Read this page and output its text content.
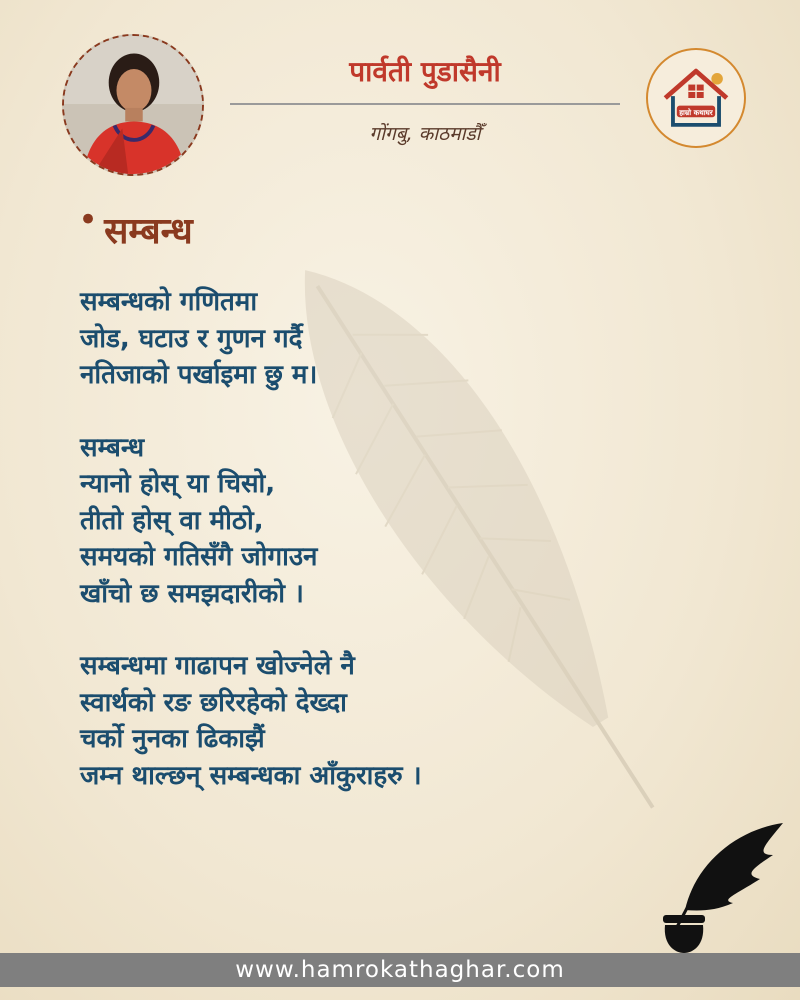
पार्वती पुडासैनी
गोंगबु, काठमाडौँ
हाम्रो कथाघर
• सम्बन्ध
सम्बन्धको गणितमा
जोड, घटाउ र गुणन गर्दै
नतिजाको पर्खाइमा छु म।
सम्बन्ध
न्यानो होस् या चिसो,
तीतो होस् वा मीठो,
समयको गतिसँगै जोगाउन
खाँचो छ समझदारीको ।
सम्बन्धमा गाढापन खोज्नेले नै
स्वार्थको रङ छरिरहेको देख्दा
चर्को नुनका ढिकाझैं
जम्न थाल्छन् सम्बन्धका आँकुराहरु ।
www.hamrokathaghar.com
